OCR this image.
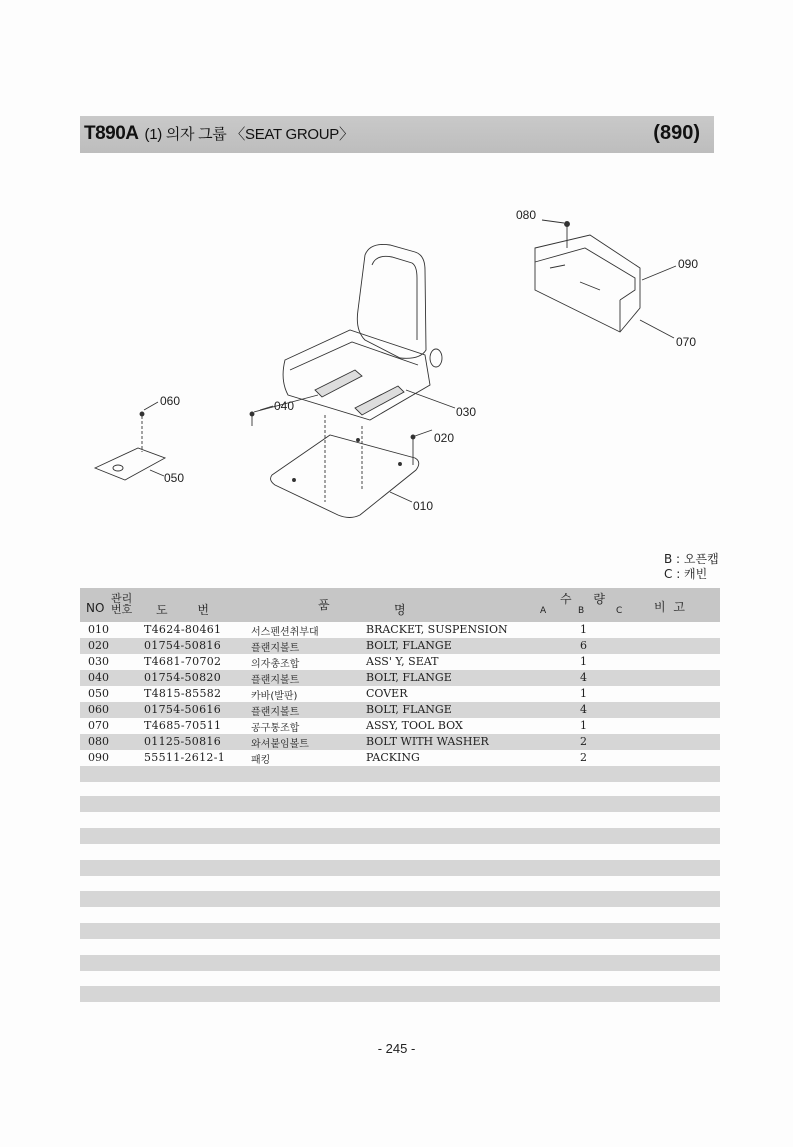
T890A (1) 의자 그룹 〈SEAT GROUP〉	(890)
080
090
070
060	040	030
020
050
010
B : 오픈캡
C : 캐빈
NO
관리 번호 도 번	품	명
수 량
A	B	C	비 고
010	T4624-80461	서스펜션취부대	BRACKET, SUSPENSION	1
020	01754-50816	플랜지볼트	BOLT, FLANGE	6
030	T4681-70702	의자총조합	ASS' Y, SEAT	1
040	01754-50820	플랜지볼트	BOLT, FLANGE	4
050	T4815-85582	카바(발판)	COVER	1
060	01754-50616	플랜지볼트	BOLT, FLANGE	4
070	T4685-70511	공구통조합	ASSY, TOOL BOX	1
080	01125-50816	와셔붙임볼트	BOLT WITH WASHER	2
090	55511-2612-1	패킹	PACKING	2
- 245 -
